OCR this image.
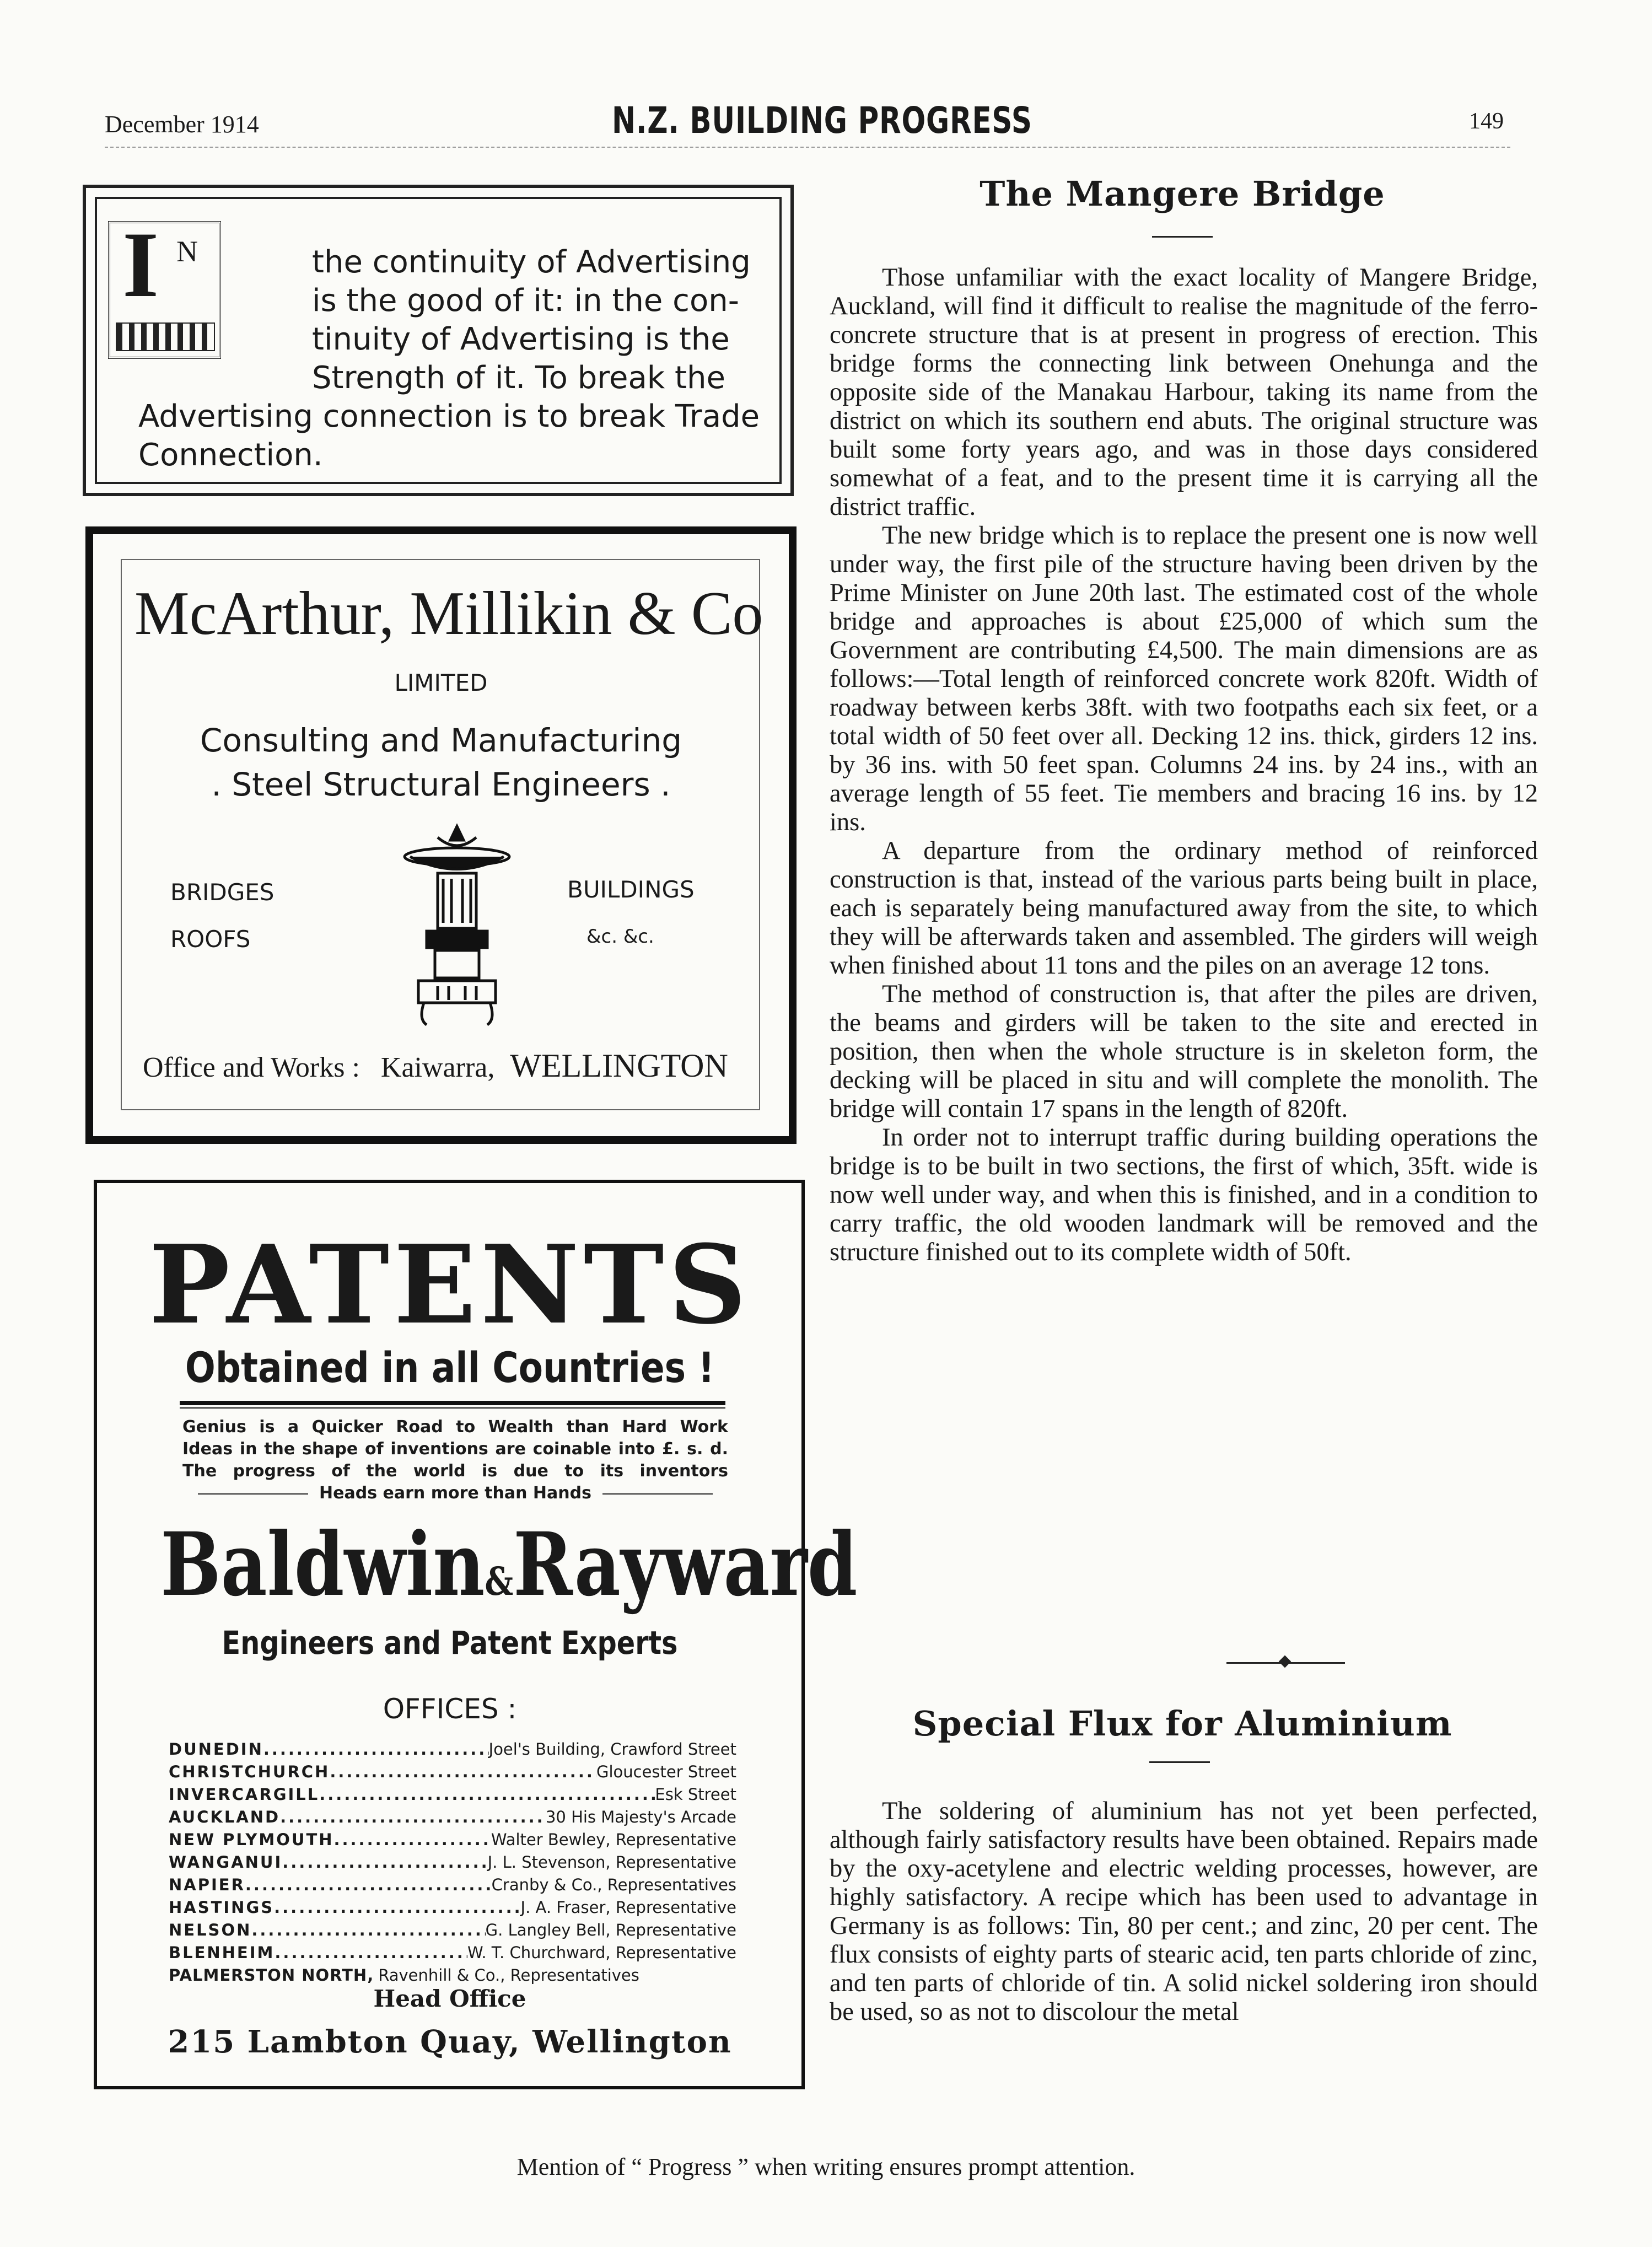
December 1914	N.Z. BUILDING PROGRESS	149
I N	the continuity of Advertising
is the good of it: in the con-
tinuity of Advertising is the
Strength of it. To break the
Advertising connection is to break Trade
Connection.
McArthur, Millikin & Co
LIMITED
Consulting and Manufacturing
. Steel Structural Engineers .
BRIDGES
ROOFS
BUILDINGS
&c. &c.
Office and Works : Kaiwarra, WELLINGTON
PATENTS
Obtained in all Countries !
Genius is a Quicker Road to Wealth than Hard Work
Ideas in the shape of inventions are coinable into £. s. d.
The progress of the world is due to its inventors
Heads earn more than Hands
Baldwin&Rayward
Engineers and Patent Experts
OFFICES :
DUNEDIN .....	Joel's Building, Crawford Street
CHRISTCHURCH .....	Gloucester Street
INVERCARGILL .....	Esk Street
AUCKLAND .....	30 His Majesty's Arcade
NEW PLYMOUTH .....	Walter Bewley, Representative
WANGANUI .....	J. L. Stevenson, Representative
NAPIER .....	Cranby & Co., Representatives
HASTINGS .....	J. A. Fraser, Representative
NELSON .....	G. Langley Bell, Representative
BLENHEIM .....	W. T. Churchward, Representative
PALMERSTON NORTH, Ravenhill & Co., Representatives
Head Office
215 Lambton Quay, Wellington
The Mangere Bridge

Those unfamiliar with the exact locality of Mangere Bridge, Auckland, will find it difficult to realise the magnitude of the ferro-concrete structure that is at present in progress of erection. This bridge forms the connecting link between Onehunga and the opposite side of the Manakau Harbour, taking its name from the district on which its southern end abuts. The original structure was built some forty years ago, and was in those days considered somewhat of a feat, and to the present time it is carrying all the district traffic.

The new bridge which is to replace the present one is now well under way, the first pile of the structure having been driven by the Prime Minister on June 20th last. The estimated cost of the whole bridge and approaches is about £25,000 of which sum the Government are contributing £4,500. The main dimensions are as follows:—Total length of reinforced concrete work 820ft. Width of roadway between kerbs 38ft. with two footpaths each six feet, or a total width of 50 feet over all. Decking 12 ins. thick, girders 12 ins. by 36 ins. with 50 feet span. Columns 24 ins. by 24 ins., with an average length of 55 feet. Tie members and bracing 16 ins. by 12 ins.

A departure from the ordinary method of reinforced construction is that, instead of the various parts being built in place, each is separately being manufactured away from the site, to which they will be afterwards taken and assembled. The girders will weigh when finished about 11 tons and the piles on an average 12 tons.

The method of construction is, that after the piles are driven, the beams and girders will be taken to the site and erected in position, then when the whole structure is in skeleton form, the decking will be placed in situ and will complete the monolith. The bridge will contain 17 spans in the length of 820ft.

In order not to interrupt traffic during building operations the bridge is to be built in two sections, the first of which, 35ft. wide is now well under way, and when this is finished, and in a condition to carry traffic, the old wooden landmark will be removed and the structure finished out to its complete width of 50ft.

Special Flux for Aluminium

The soldering of aluminium has not yet been perfected, although fairly satisfactory results have been obtained. Repairs made by the oxy-acetylene and electric welding processes, however, are highly satisfactory. A recipe which has been used to advantage in Germany is as follows: Tin, 80 per cent.; and zinc, 20 per cent. The flux consists of eighty parts of stearic acid, ten parts chloride of zinc, and ten parts of chloride of tin. A solid nickel soldering iron should be used, so as not to discolour the metal

Mention of “ Progress ” when writing ensures prompt attention.
